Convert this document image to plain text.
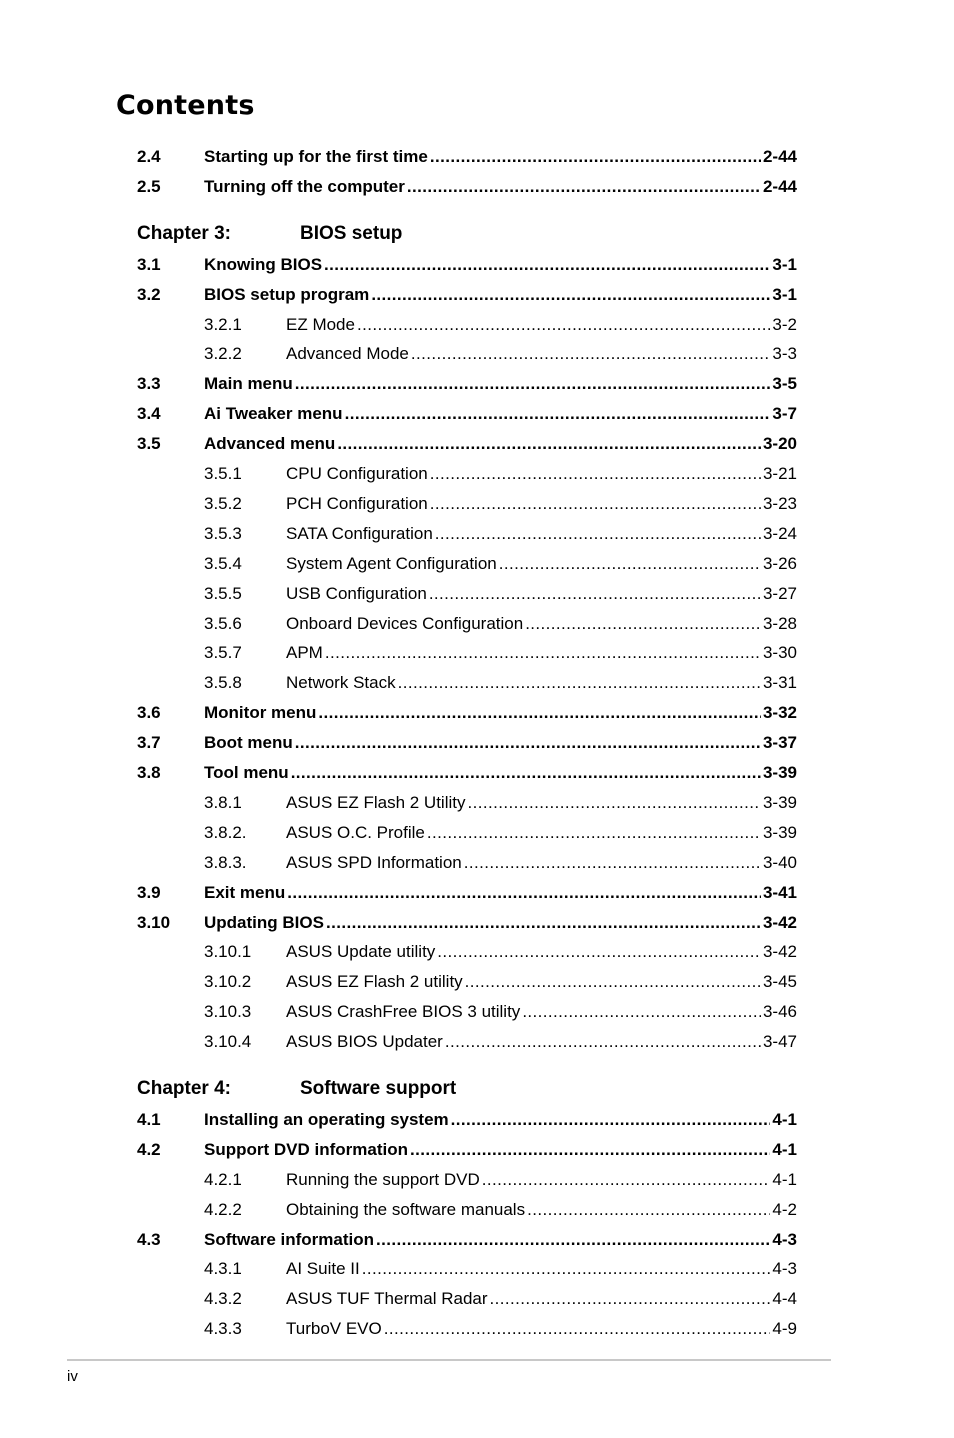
Contents
2.4	Starting up for the first time .....	2-44
2.5	Turning off the computer .....	2-44
Chapter 3:	BIOS setup
3.1	Knowing BIOS .....	3-1
3.2	BIOS setup program .....	3-1
3.2.1	EZ Mode .....	3-2
3.2.2	Advanced Mode .....	3-3
3.3	Main menu .....	3-5
3.4	Ai Tweaker menu .....	3-7
3.5	Advanced menu .....	3-20
3.5.1	CPU Configuration .....	3-21
3.5.2	PCH Configuration .....	3-23
3.5.3	SATA Configuration .....	3-24
3.5.4	System Agent Configuration .....	3-26
3.5.5	USB Configuration .....	3-27
3.5.6	Onboard Devices Configuration .....	3-28
3.5.7	APM .....	3-30
3.5.8	Network Stack .....	3-31
3.6	Monitor menu .....	3-32
3.7	Boot menu .....	3-37
3.8	Tool menu .....	3-39
3.8.1	ASUS EZ Flash 2 Utility .....	3-39
3.8.2.	ASUS O.C. Profile .....	3-39
3.8.3.	ASUS SPD Information .....	3-40
3.9	Exit menu .....	3-41
3.10	Updating BIOS .....	3-42
3.10.1	ASUS Update utility .....	3-42
3.10.2	ASUS EZ Flash 2 utility .....	3-45
3.10.3	ASUS CrashFree BIOS 3 utility .....	3-46
3.10.4	ASUS BIOS Updater .....	3-47
Chapter 4:	Software support
4.1	Installing an operating system .....	4-1
4.2	Support DVD information .....	4-1
4.2.1	Running the support DVD .....	4-1
4.2.2	Obtaining the software manuals .....	4-2
4.3	Software information .....	4-3
4.3.1	AI Suite II .....	4-3
4.3.2	ASUS TUF Thermal Radar .....	4-4
4.3.3	TurboV EVO .....	4-9
iv
